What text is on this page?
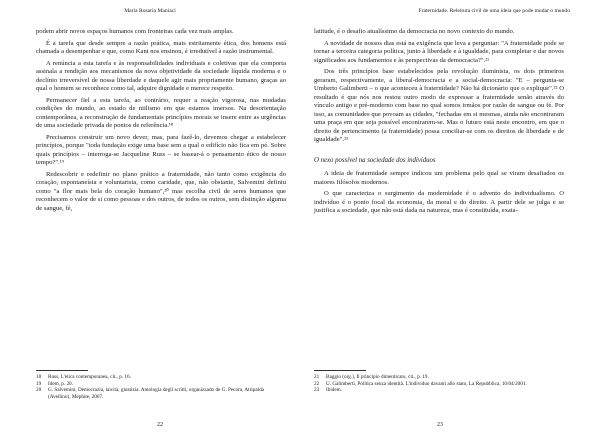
Maria Rosaria Maniaci

podem abrir novos espaços humanos com fronteiras cada vez mais amplas.

É a tarefa que desde sempre a razão prática, mais estritamente ética, dos homens está chamada a desempenhar e que, como Kant nos ensinou, é irredutível à razão instrumental.

A renúncia a esta tarefa e às responsabilidades individuais e coletivas que ela comporta assinala a rendição aos mecanismos da nova objetividade da sociedade líquida moderna e o declínio irreversível de nossa liberdade e daquele agir mais propriamente humano, graças ao qual o homem se reconhece como tal, adquire dignidade e merece respeito.

Permanecer fiel a esta tarefa, ao contrário, requer a reação vigorosa, nas mudadas condições do mundo, ao estado de niilismo em que estamos imersos. Na desorientação contemporânea, a reconstrução de fundamentais princípios morais se insere entre as urgências de uma sociedade privada de pontos de referência.¹⁸

Precisamos construir um novo dever, mas, para fazê-lo, devemos chegar a estabelecer princípios, porque "toda fundação exige uma base sem a qual o edifício não fica em pé. Sobre quais princípios – interroga-se Jacqueline Russ – se basear-á o pensamento ético de nosso tempo?".¹⁹

Redescobrir e redefinir no plano prático a fraternidade, não tanto como exigência do coração, espontaneísta e voluntarista, como caridade, que, não obstante, Salvemini definiu como "a flor mais bela do coração humano",²⁰ mas escolha civil de seres humanos que reconhecem o valor de si como pessoas e dos outros, de todos os outros, sem distinção alguma de sangue, fé,

18	Russ, L'etica contemporanea, cit., p. 16.
19	Idem, p. 20.
20	G. Salvemini, Democrazia, laicità, giustizia. Antologia degli scritti, organizzado de G. Pecora, Atripalda (Avellino), Mephite, 2007.
22
Fraternidade. Releitura civil de uma ideia que pode mudar o mundo

latitude, é o desafio atualíssimo da democracia no novo contexto do mundo.

A novidade de nossos dias está na exigência que leva a perguntar: "A fraternidade pode se tornar a terceira categoria política, junto à liberdade e à igualdade, para completar e dar novos significados aos fundamentos e às perspectivas da democracia?".²¹

Dos três princípios base estabelecidos pela revolução iluminista, os dois primeiros geraram, respectivamente, a liberal-democracia e a social-democracia: "E – pergunta-se Umberto Galimberti – o que aconteceu à fraternidade? Não há dicionário que o explique".²² O resultado é que nós nos restou outro modo de expressar a fraternidade senão através do vínculo antigo e pré-moderno com base no qual somos irmãos por razão de sangue ou fé. Por isso, as comunidades que povoam as cidades, "fechadas em si mesmas, ainda não encontraram uma praça em que seja possível encontrarem-se. Mas o futuro está neste encontro, em que o direito de pertencimento (a fraternidade) possa conciliar-se com os direitos de liberdade e de igualdade".²³

O nexo possível na sociedade dos indivíduos

A ideia de fraternidade sempre indicou um problema pelo qual se viram desafiados os maiores filósofos modernos.

O que caracteriza o surgimento da modernidade é o advento do individualismo. O indivíduo é o ponto focal da economia, da moral e do direito. A partir dele se julga e se justifica a sociedade, que não está dada na natureza, mas é constituída, exata-

21	Baggio (org.), Il principio dimenticato, cit., p. 19.
22	U. Galimberti, Politica senza identità. L'individuo davanti allo stato, La Repubblica, 10/04/2001.
23	Ibidem.
23
